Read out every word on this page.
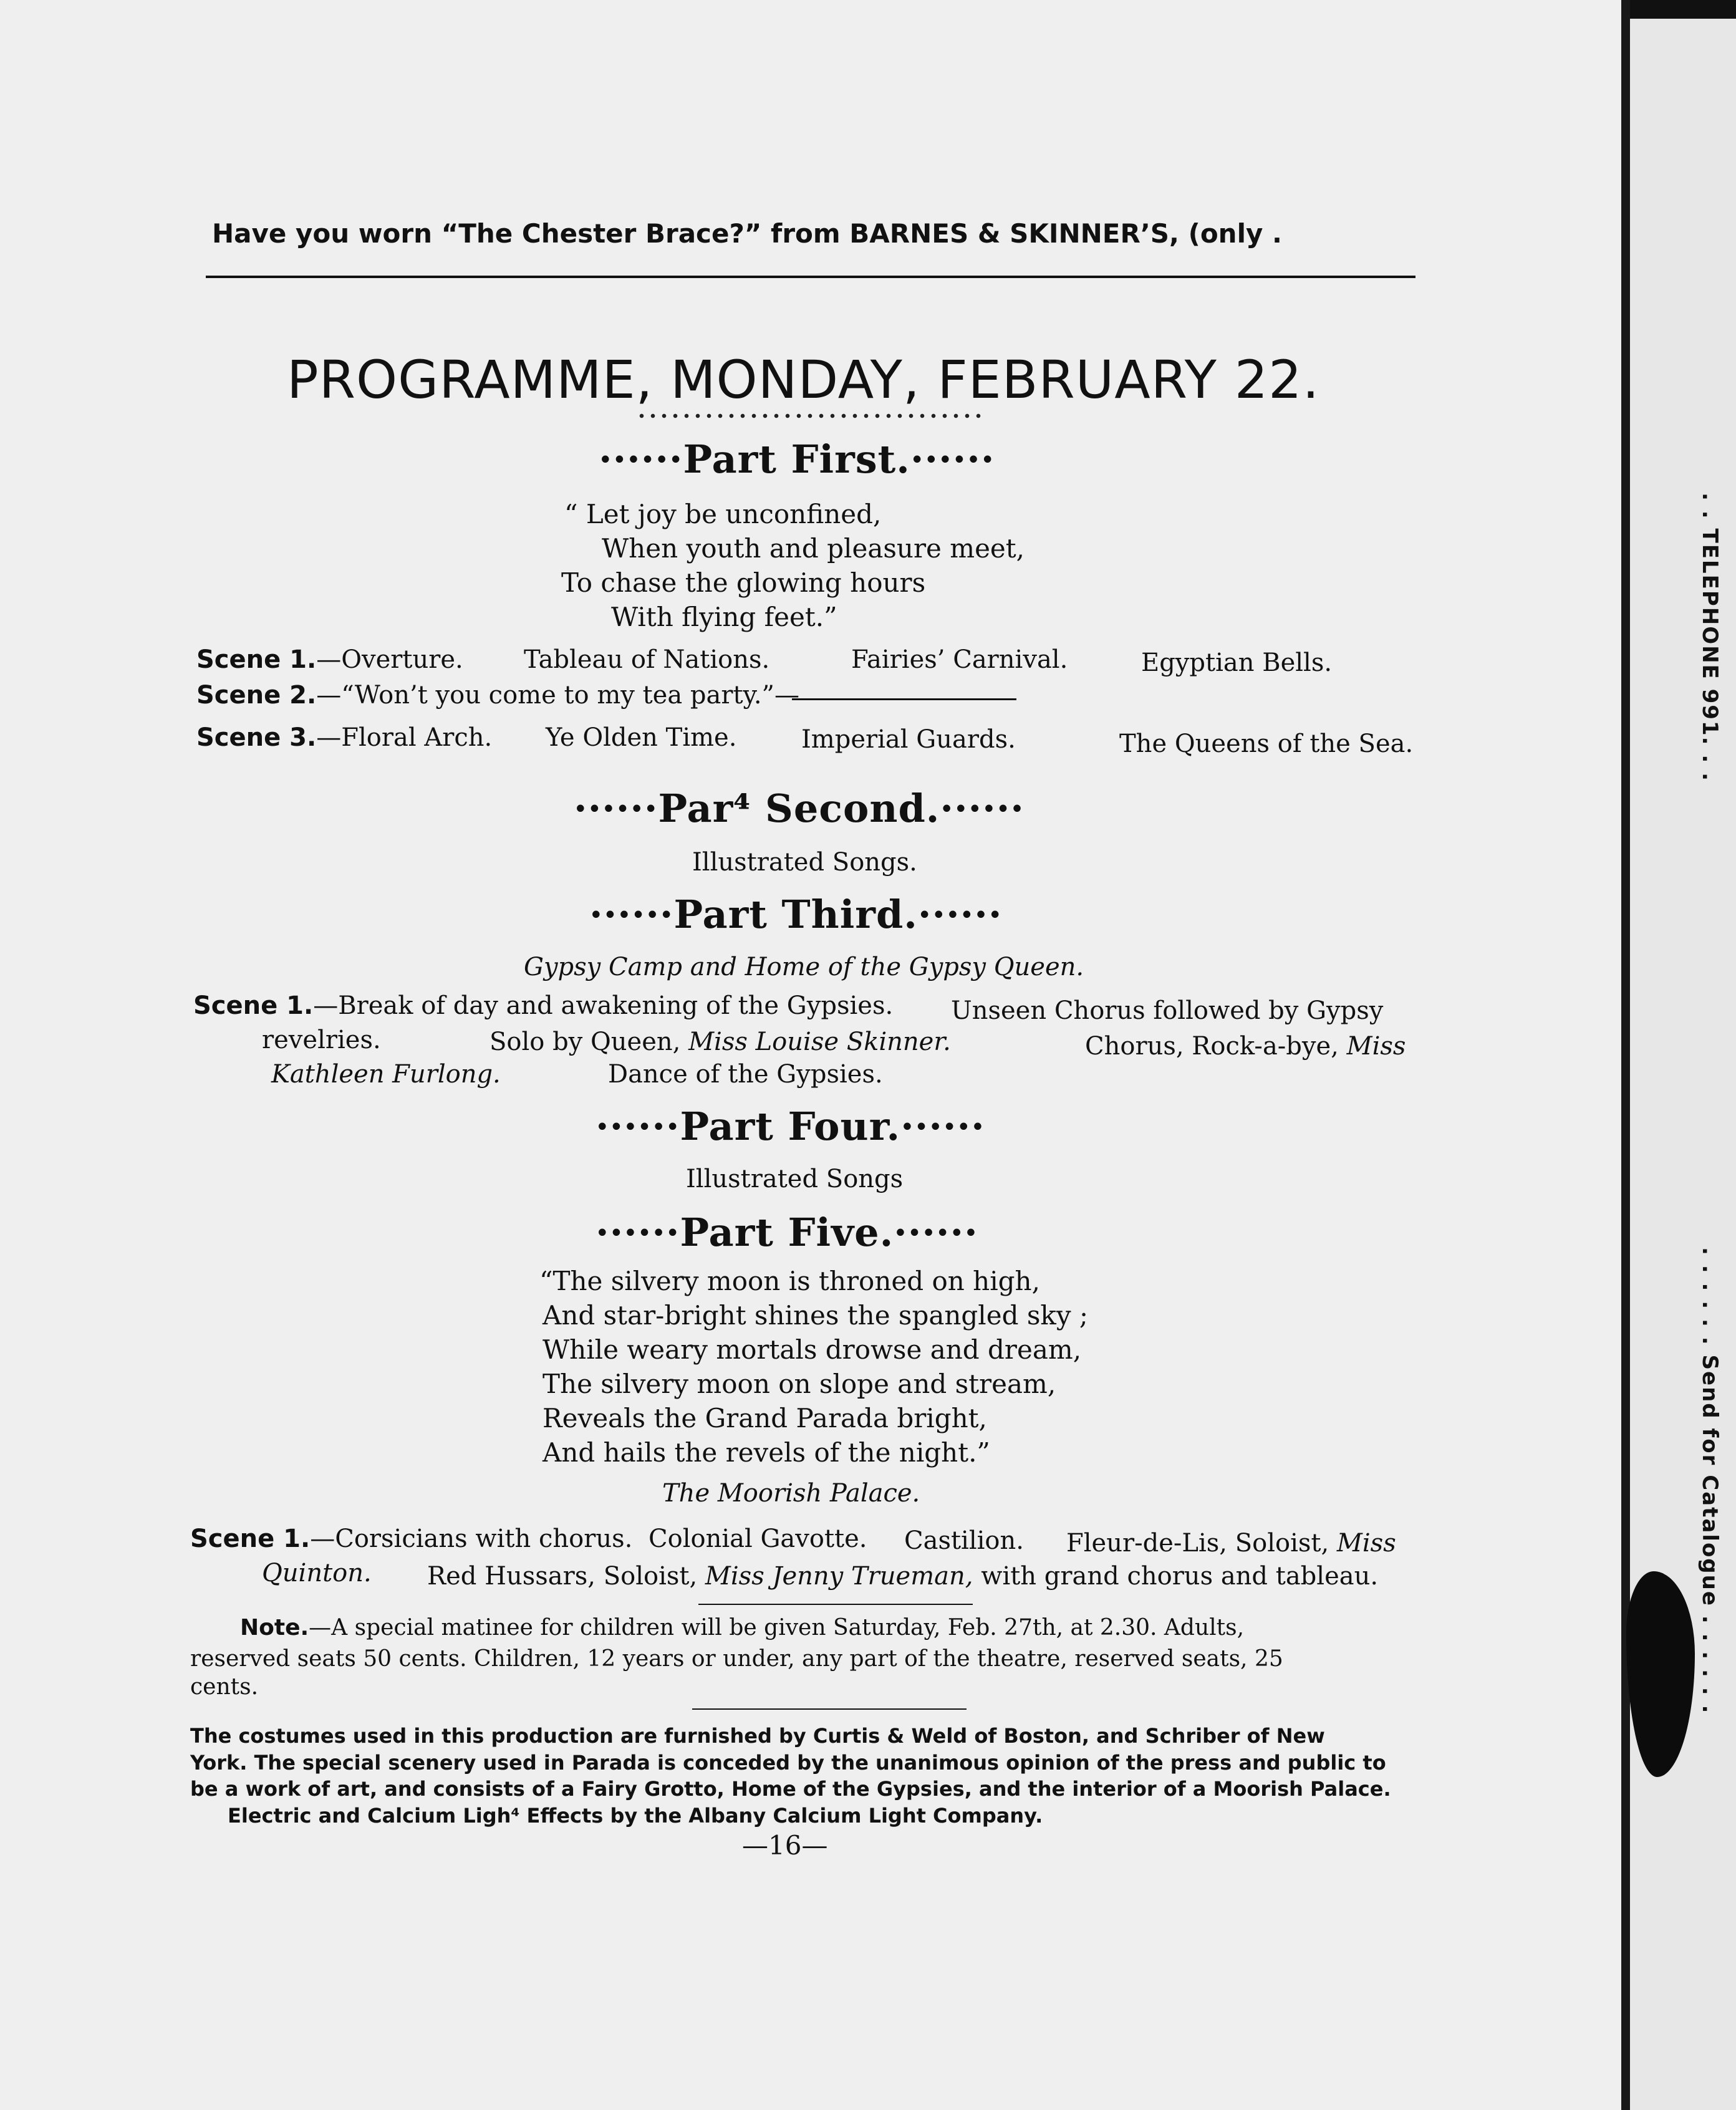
. . TELEPHONE 991. . .
. . . . . . Send for Catalogue . . . . . .
Have you worn “The Chester Brace?” from BARNES & SKINNER’S, (only .
PROGRAMME, MONDAY, FEBRUARY 22.
······Part First.······
“ Let joy be unconfined,
When youth and pleasure meet,
To chase the glowing hours
With flying feet.”
Scene 1.—Overture. Tableau of Nations.	Fairies’ Carnival.	Egyptian Bells.
Scene 2.—“Won’t you come to my tea party.”—
Scene 3.—Floral Arch. Ye Olden Time.	Imperial Guards.	The Queens of the Sea.
······Par⁴ Second.······
Illustrated Songs.
······Part Third.······
Gypsy Camp and Home of the Gypsy Queen.
Scene 1.—Break of day and awakening of the Gypsies. Unseen Chorus followed by Gypsy
revelries.	Solo by Queen, Miss Louise Skinner.	Chorus, Rock-a-bye, Miss
Kathleen Furlong.	Dance of the Gypsies.
······Part Four.······
Illustrated Songs
······Part Five.······
“The silvery moon is throned on high,
And star-bright shines the spangled sky ;
While weary mortals drowse and dream,
The silvery moon on slope and stream,
Reveals the Grand Parada bright,
And hails the revels of the night.”
The Moorish Palace.
Scene 1.—Corsicians with chorus. Colonial Gavotte. Castilion. Fleur-de-Lis, Soloist, Miss
Quinton. Red Hussars, Soloist, Miss Jenny Trueman, with grand chorus and tableau.
Note.—A special matinee for children will be given Saturday, Feb. 27th, at 2.30. Adults,
reserved seats 50 cents. Children, 12 years or under, any part of the theatre, reserved seats, 25
cents.
The costumes used in this production are furnished by Curtis & Weld of Boston, and Schriber of New
York. The special scenery used in Parada is conceded by the unanimous opinion of the press and public to
be a work of art, and consists of a Fairy Grotto, Home of the Gypsies, and the interior of a Moorish Palace.
Electric and Calcium Ligh⁴ Effects by the Albany Calcium Light Company.
—16—
